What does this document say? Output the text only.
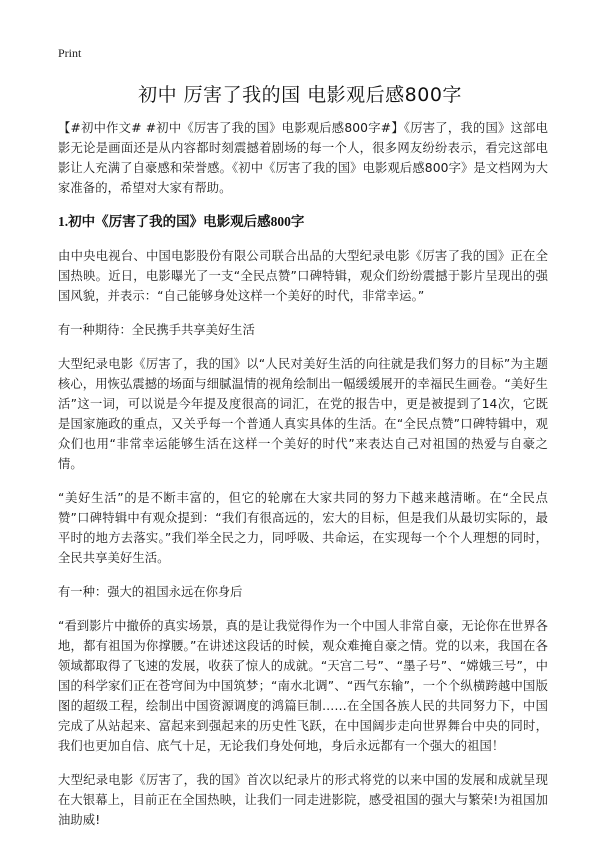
Print
初中 厉害了我的国 电影观后感800字

【#初中作文# #初中《厉害了我的国》电影观后感800字#】《厉害了，我的国》这部电影无论是画面还是从内容都时刻震撼着剧场的每一个人，很多网友纷纷表示，看完这部电影让人充满了自豪感和荣誉感。《初中《厉害了我的国》电影观后感800字》是文档网为大家准备的，希望对大家有帮助。

1.初中《厉害了我的国》电影观后感800字

由中央电视台、中国电影股份有限公司联合出品的大型纪录电影《厉害了我的国》正在全国热映。近日，电影曝光了一支“全民点赞”口碑特辑，观众们纷纷震撼于影片呈现出的强国风貌，并表示：“自己能够身处这样一个美好的时代，非常幸运。”

有一种期待：全民携手共享美好生活

大型纪录电影《厉害了，我的国》以“人民对美好生活的向往就是我们努力的目标”为主题核心，用恢弘震撼的场面与细腻温情的视角绘制出一幅缓缓展开的幸福民生画卷。“美好生活”这一词，可以说是今年提及度很高的词汇，在党的报告中，更是被提到了14次，它既是国家施政的重点，又关乎每一个普通人真实具体的生活。在“全民点赞”口碑特辑中，观众们也用“非常幸运能够生活在这样一个美好的时代”来表达自己对祖国的热爱与自豪之情。

“美好生活”的是不断丰富的，但它的轮廓在大家共同的努力下越来越清晰。在“全民点赞”口碑特辑中有观众提到：“我们有很高远的，宏大的目标，但是我们从最切实际的，最平时的地方去落实。”我们举全民之力，同呼吸、共命运，在实现每一个个人理想的同时，全民共享美好生活。

有一种：强大的祖国永远在你身后

“看到影片中撤侨的真实场景，真的是让我觉得作为一个中国人非常自豪，无论你在世界各地，都有祖国为你撑腰。”在讲述这段话的时候，观众难掩自豪之情。党的以来，我国在各领域都取得了飞速的发展，收获了惊人的成就。“天宫二号”、“墨子号”、“嫦娥三号”，中国的科学家们正在苍穹间为中国筑梦；“南水北调”、“西气东输”，一个个纵横跨越中国版图的超级工程，绘制出中国资源调度的鸿篇巨制……在全国各族人民的共同努力下，中国完成了从站起来、富起来到强起来的历史性飞跃，在中国阔步走向世界舞台中央的同时，我们也更加自信、底气十足，无论我们身处何地，身后永远都有一个强大的祖国！

大型纪录电影《厉害了，我的国》首次以纪录片的形式将党的以来中国的发展和成就呈现在大银幕上，目前正在全国热映，让我们一同走进影院，感受祖国的强大与繁荣!为祖国加油助威!
